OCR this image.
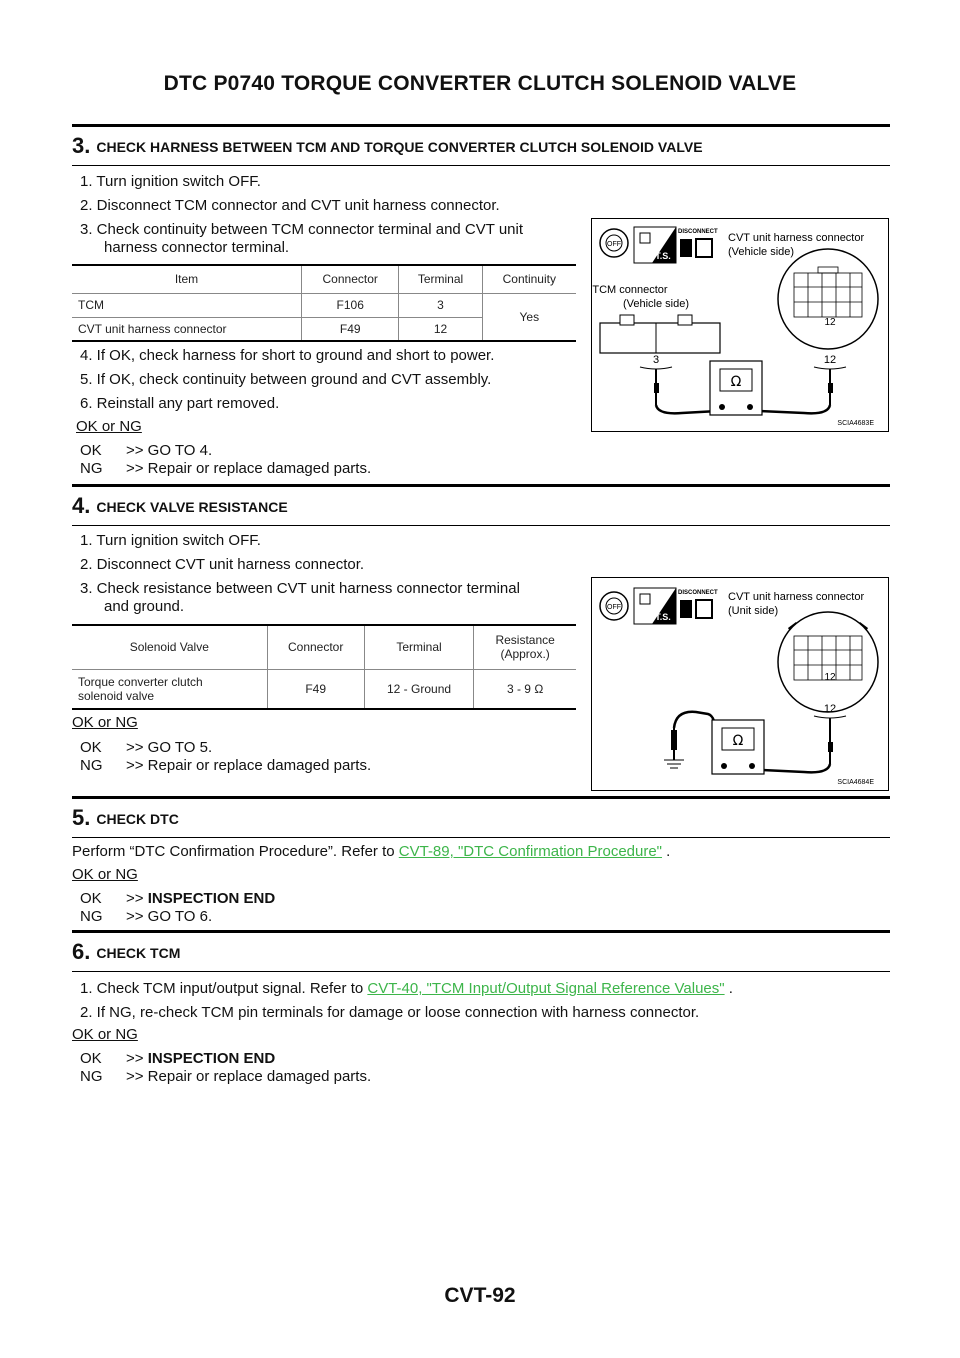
DTC P0740 TORQUE CONVERTER CLUTCH SOLENOID VALVE
3. CHECK HARNESS BETWEEN TCM AND TORQUE CONVERTER CLUTCH SOLENOID VALVE
1. Turn ignition switch OFF.
2. Disconnect TCM connector and CVT unit harness connector.
3. Check continuity between TCM connector terminal and CVT unit
harness connector terminal.
Item	Connector	Terminal	Continuity
TCM	F106	3	Yes
CVT unit harness connector	F49	12	
4. If OK, check harness for short to ground and short to power.
5. If OK, check continuity between ground and CVT assembly.
6. Reinstall any part removed.
OK or NG
OK >> GO TO 4.
NG >> Repair or replace damaged parts.
OFF
T.S.
DISCONNECT CVT unit harness connector
(Vehicle side)
TCM connector
(Vehicle side)
12
3	12
Ω
SCIA4683E
4. CHECK VALVE RESISTANCE
1. Turn ignition switch OFF.
2. Disconnect CVT unit harness connector.
3. Check resistance between CVT unit harness connector terminal
and ground.
Solenoid Valve	Connector	Terminal	Resistance
(Approx.)
Torque converter clutch
solenoid valve	F49	12 - Ground	3 - 9 Ω
OK or NG
OK >> GO TO 5.
NG >> Repair or replace damaged parts.
OFF
T.S.
DISCONNECT CVT unit harness connector
(Unit side)
12
12
Ω
SCIA4684E
5. CHECK DTC
Perform “DTC Confirmation Procedure”. Refer to CVT-89, "DTC Confirmation Procedure" .
OK or NG
OK >> INSPECTION END
NG >> GO TO 6.
6. CHECK TCM
1. Check TCM input/output signal. Refer to CVT-40, "TCM Input/Output Signal Reference Values" .
2. If NG, re-check TCM pin terminals for damage or loose connection with harness connector.
OK or NG
OK >> INSPECTION END
NG >> Repair or replace damaged parts.
CVT-92
